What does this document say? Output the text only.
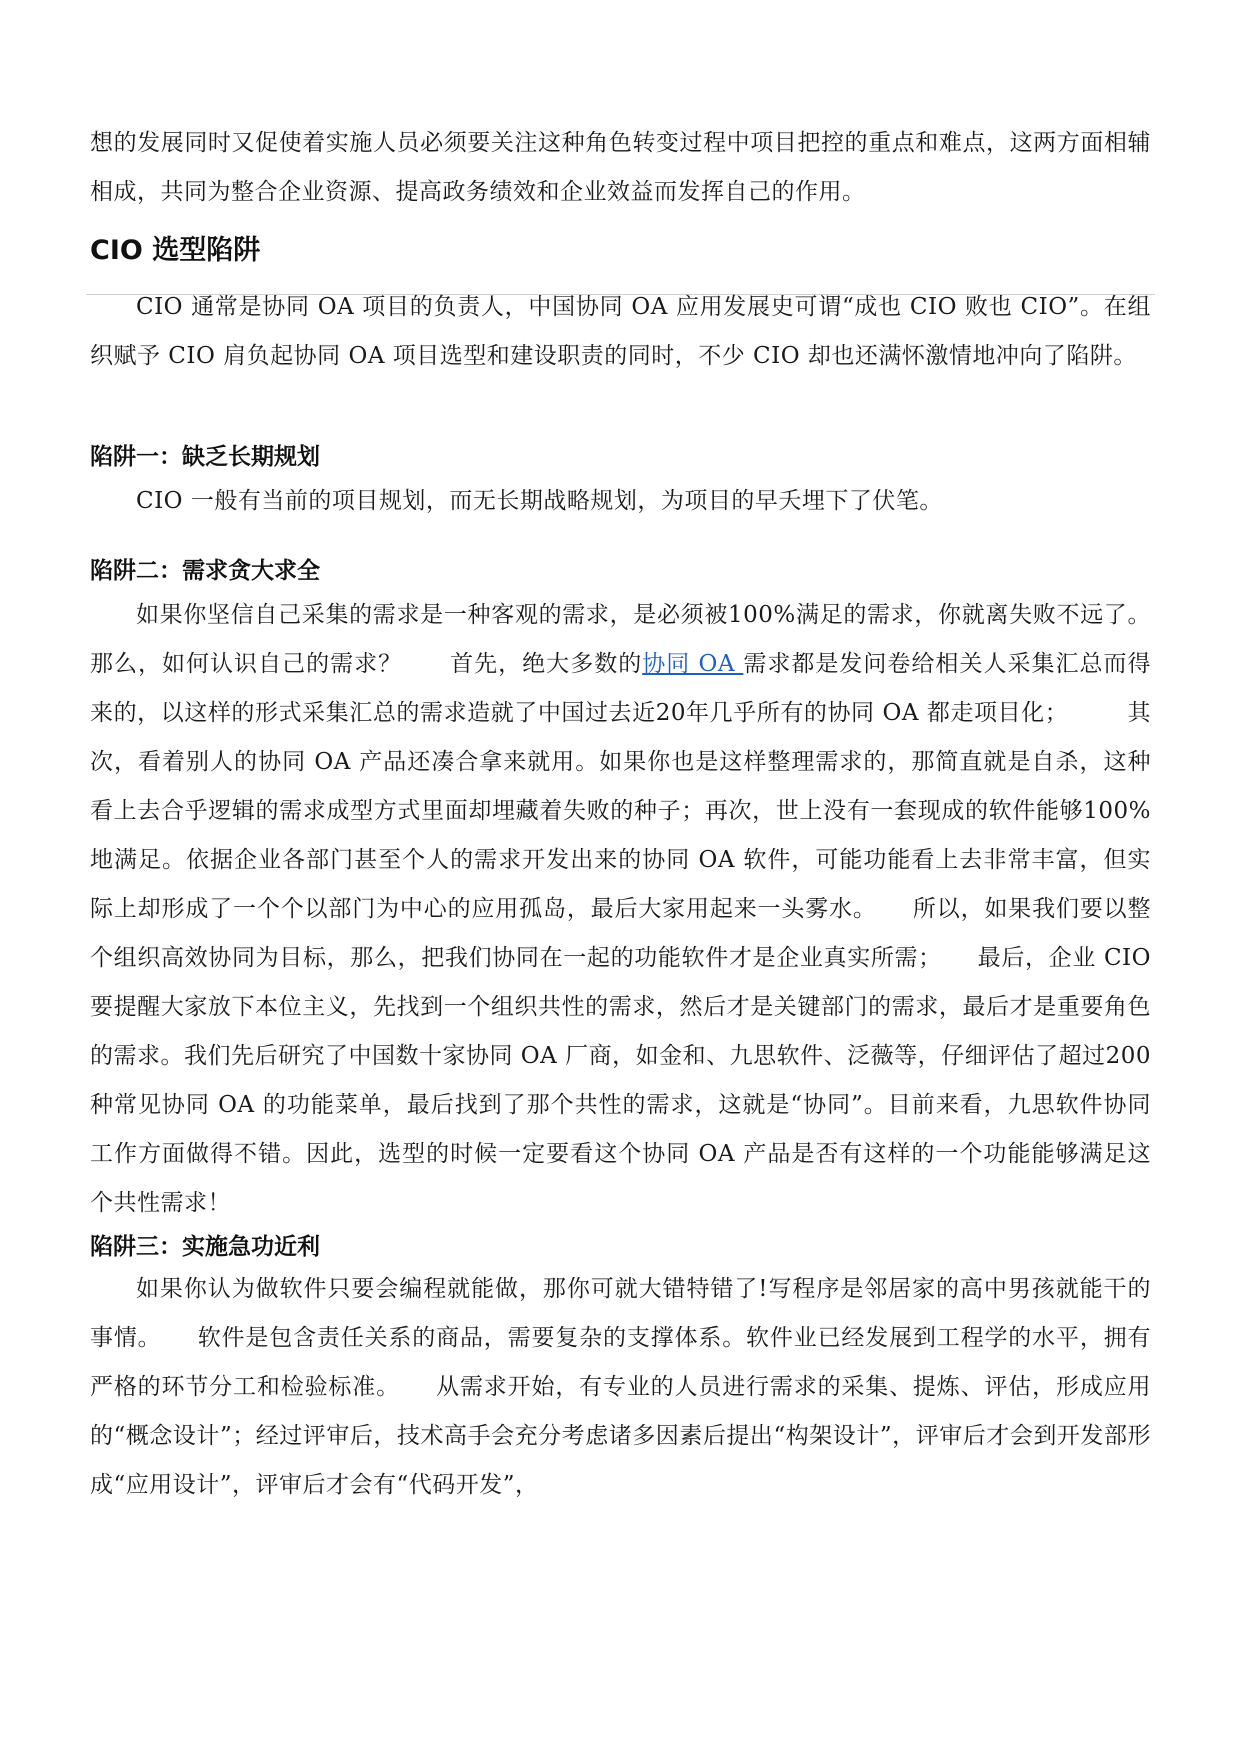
想的发展同时又促使着实施人员必须要关注这种角色转变过程中项目把控的重点和难点，这两方面相辅相成，共同为整合企业资源、提高政务绩效和企业效益而发挥自己的作用。

CIO 选型陷阱

CIO 通常是协同 OA 项目的负责人，中国协同 OA 应用发展史可谓“成也 CIO 败也 CIO”。在组织赋予 CIO 肩负起协同 OA 项目选型和建设职责的同时，不少 CIO 却也还满怀激情地冲向了陷阱。

陷阱一：缺乏长期规划

CIO 一般有当前的项目规划，而无长期战略规划，为项目的早夭埋下了伏笔。

陷阱二：需求贪大求全

如果你坚信自己采集的需求是一种客观的需求，是必须被100%满足的需求，你就离失败不远了。那么，如何认识自己的需求？　　首先，绝大多数的协同 OA 需求都是发问卷给相关人采集汇总而得来的，以这样的形式采集汇总的需求造就了中国过去近20年几乎所有的协同 OA 都走项目化；　　　其次，看着别人的协同 OA 产品还凑合拿来就用。如果你也是这样整理需求的，那简直就是自杀，这种看上去合乎逻辑的需求成型方式里面却埋藏着失败的种子；再次，世上没有一套现成的软件能够100%地满足。依据企业各部门甚至个人的需求开发出来的协同 OA 软件，可能功能看上去非常丰富，但实际上却形成了一个个以部门为中心的应用孤岛，最后大家用起来一头雾水。　　所以，如果我们要以整个组织高效协同为目标，那么，把我们协同在一起的功能软件才是企业真实所需；　　最后，企业 CIO 要提醒大家放下本位主义，先找到一个组织共性的需求，然后才是关键部门的需求，最后才是重要角色的需求。我们先后研究了中国数十家协同 OA 厂商，如金和、九思软件、泛薇等，仔细评估了超过200种常见协同 OA 的功能菜单，最后找到了那个共性的需求，这就是“协同”。目前来看，九思软件协同工作方面做得不错。因此，选型的时候一定要看这个协同 OA 产品是否有这样的一个功能能够满足这个共性需求！

陷阱三：实施急功近利

如果你认为做软件只要会编程就能做，那你可就大错特错了!写程序是邻居家的高中男孩就能干的事情。　　软件是包含责任关系的商品，需要复杂的支撑体系。软件业已经发展到工程学的水平，拥有严格的环节分工和检验标准。　　从需求开始，有专业的人员进行需求的采集、提炼、评估，形成应用的“概念设计”；经过评审后，技术高手会充分考虑诸多因素后提出“构架设计”，评审后才会到开发部形成“应用设计”，评审后才会有“代码开发”，
